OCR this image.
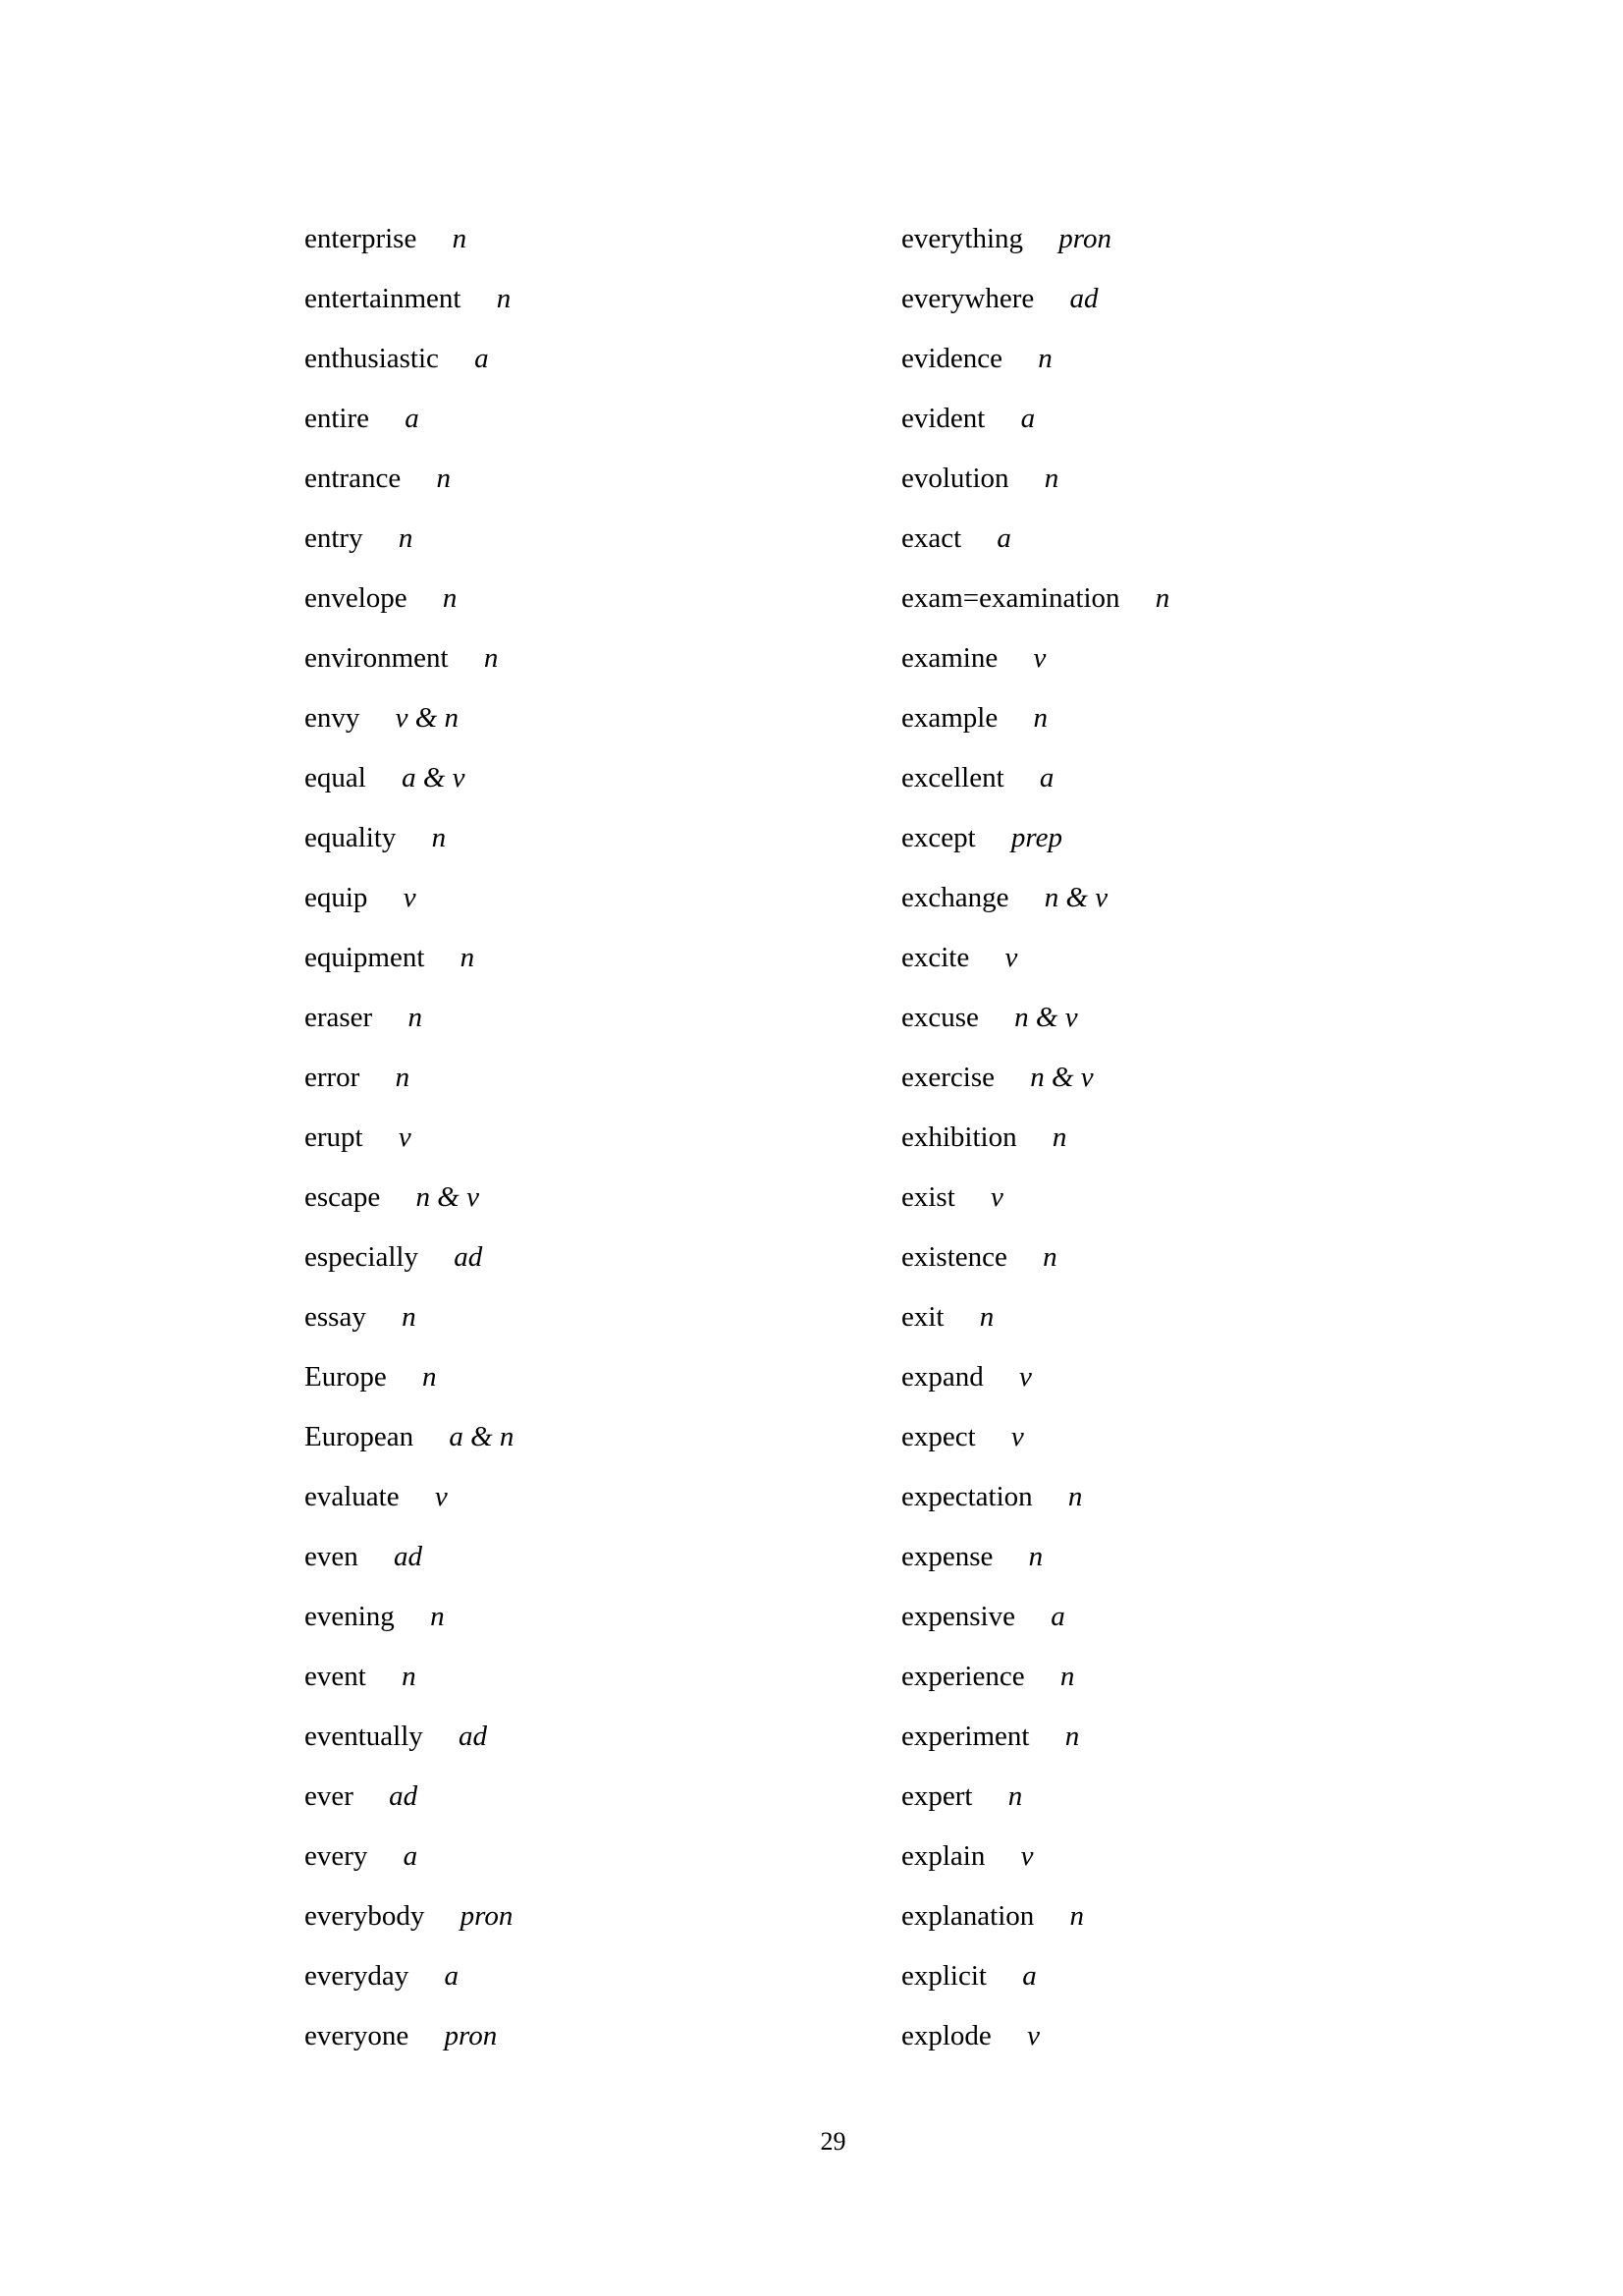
enterprise n
entertainment n
enthusiastic a
entire a
entrance n
entry n
envelope n
environment n
envy v & n
equal a & v
equality n
equip v
equipment n
eraser n
error n
erupt v
escape n & v
especially ad
essay n
Europe n
European a & n
evaluate v
even ad
evening n
event n
eventually ad
ever ad
every a
everybody pron
everyday a
everyone pron
everything pron
everywhere ad
evidence n
evident a
evolution n
exact a
exam=examination n
examine v
example n
excellent a
except prep
exchange n & v
excite v
excuse n & v
exercise n & v
exhibition n
exist v
existence n
exit n
expand v
expect v
expectation n
expense n
expensive a
experience n
experiment n
expert n
explain v
explanation n
explicit a
explode v
29
